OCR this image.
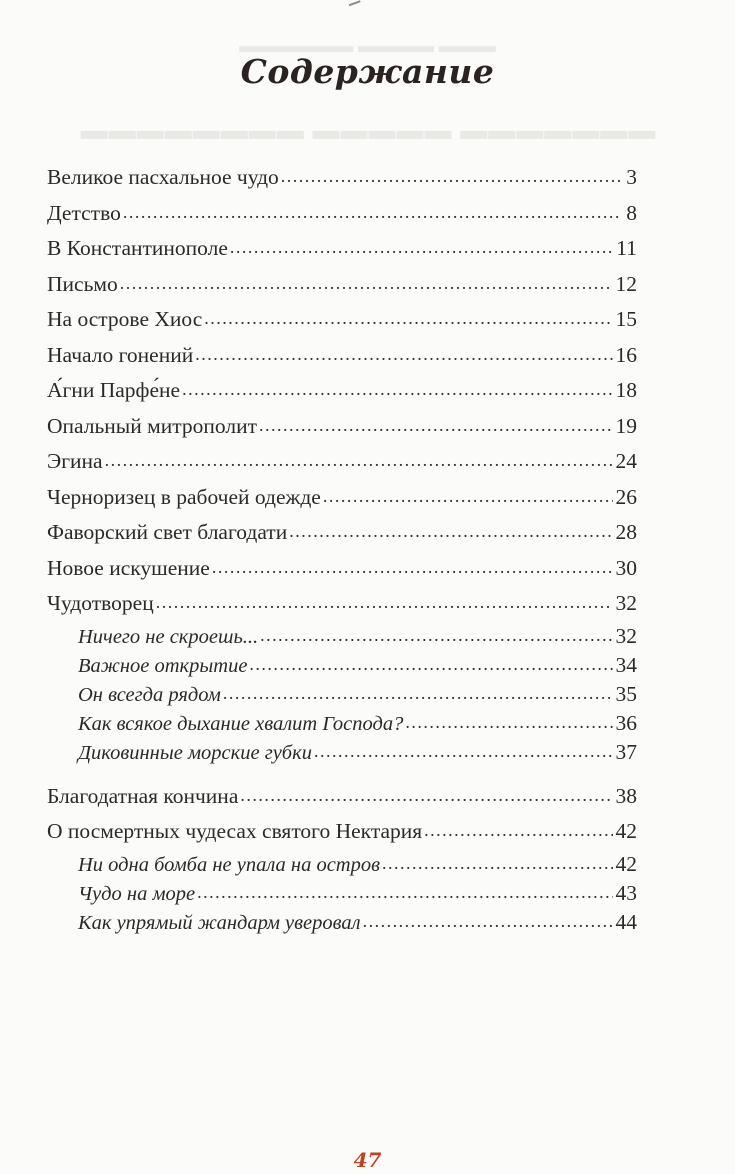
▬▬▬ ▬▬▬▬ ▬▬▬▬▬▬
▬▬▬▬▬▬▬ ▬▬▬▬▬ ▬▬▬▬▬▬▬▬
Содержание
Великое пасхальное чудо . . .	3
Детство . . .	8
В Константинополе . . .	11
Письмо . . .	12
На острове Хиос . . .	15
Начало гонений . . .	16
А́гни Парфе́не . . .	18
Опальный митрополит . . .	19
Эгина . . .	24
Черноризец в рабочей одежде . . .	26
Фаворский свет благодати . . .	28
Новое искушение . . .	30
Чудотворец . . .	32
Ничего не скроешь... . . .	32
Важное открытие . . .	34
Он всегда рядом . . .	35
Как всякое дыхание хвалит Господа? . . .	36
Диковинные морские губки . . .	37
Благодатная кончина . . .	38
О посмертных чудесах святого Нектария . . .	42
Ни одна бомба не упала на остров . . .	42
Чудо на море . . .	43
Как упрямый жандарм уверовал . . .	44
47
